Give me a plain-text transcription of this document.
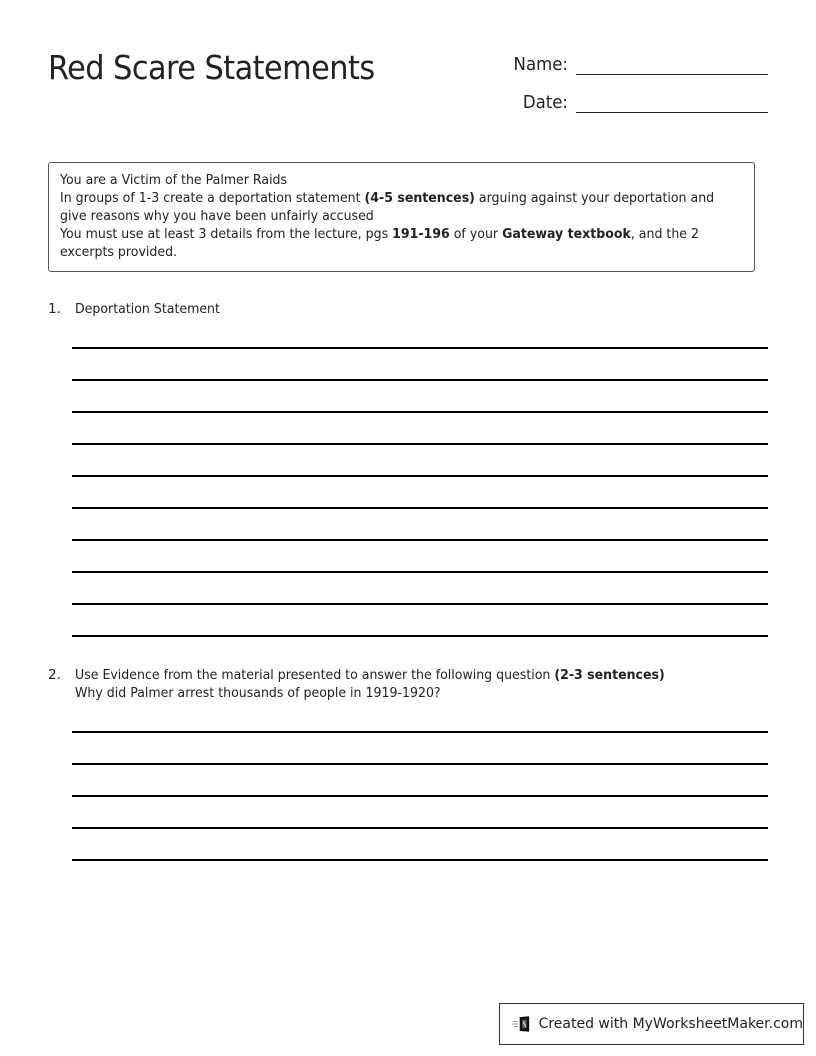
Red Scare Statements	Name:
Date:
You are a Victim of the Palmer Raids
In groups of 1-3 create a deportation statement (4-5 sentences) arguing against your deportation and
give reasons why you have been unfairly accused
You must use at least 3 details from the lecture, pgs 191-196 of your Gateway textbook, and the 2
excerpts provided.
1. Deportation Statement
2. Use Evidence from the material presented to answer the following question (2-3 sentences)
Why did Palmer arrest thousands of people in 1919-1920?
Created with MyWorksheetMaker.com
